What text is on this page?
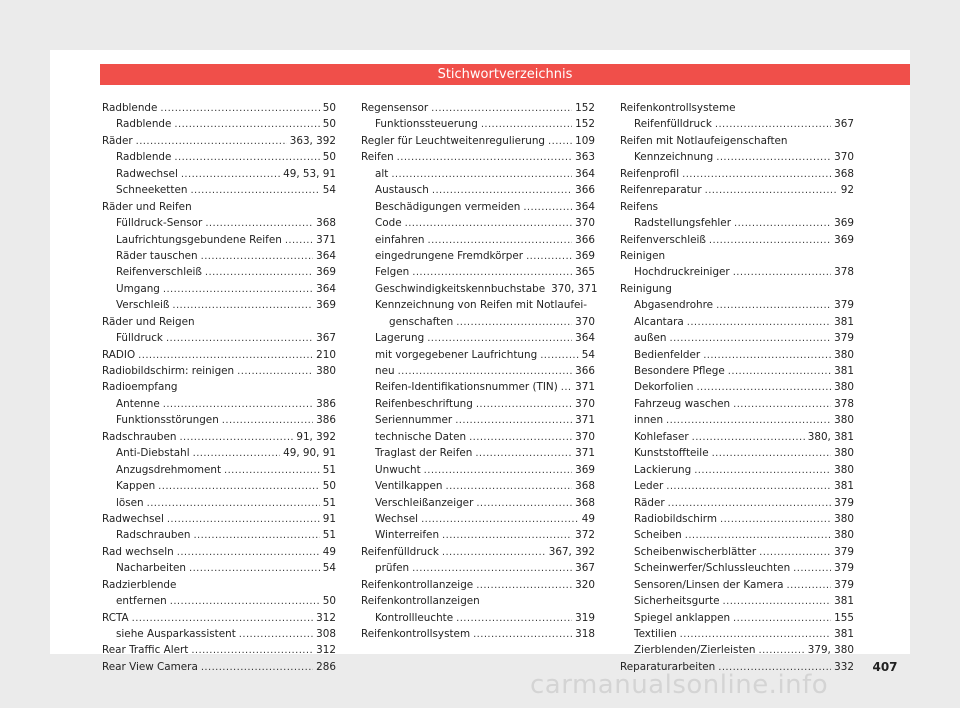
Stichwortverzeichnis
Radblende .....	50
Radblende .....	50
Räder .....	363, 392
Radblende .....	50
Radwechsel .....	49, 53, 91
Schneeketten .....	54
Räder und Reifen
Fülldruck-Sensor .....	368
Laufrichtungsgebundene Reifen .....	371
Räder tauschen .....	364
Reifenverschleiß .....	369
Umgang .....	364
Verschleiß .....	369
Räder und Reigen
Fülldruck .....	367
RADIO .....	210
Radiobildschirm: reinigen .....	380
Radioempfang
Antenne .....	386
Funktionsstörungen .....	386
Radschrauben .....	91, 392
Anti-Diebstahl .....	49, 90, 91
Anzugsdrehmoment .....	51
Kappen .....	50
lösen .....	51
Radwechsel .....	91
Radschrauben .....	51
Rad wechseln .....	49
Nacharbeiten .....	54
Radzierblende
entfernen .....	50
RCTA .....	312
siehe Ausparkassistent .....	308
Rear Traffic Alert .....	312
Rear View Camera .....	286
Regensensor .....	152
Funktionssteuerung .....	152
Regler für Leuchtweitenregulierung .....	109
Reifen .....	363
alt .....	364
Austausch .....	366
Beschädigungen vermeiden .....	364
Code .....	370
einfahren .....	366
eingedrungene Fremdkörper .....	369
Felgen .....	365
Geschwindigkeitskennbuchstabe 370, 371
Kennzeichnung von Reifen mit Notlaufei-
genschaften .....	370
Lagerung .....	364
mit vorgegebener Laufrichtung .....	54
neu .....	366
Reifen-Identifikationsnummer (TIN) ..... 371
Reifenbeschriftung .....	370
Seriennummer .....	371
technische Daten .....	370
Traglast der Reifen .....	371
Unwucht .....	369
Ventilkappen .....	368
Verschleißanzeiger .....	368
Wechsel .....	49
Winterreifen .....	372
Reifenfülldruck .....	367, 392
prüfen .....	367
Reifenkontrollanzeige .....	320
Reifenkontrollanzeigen
Kontrollleuchte .....	319
Reifenkontrollsystem .....	318
Reifenkontrollsysteme
Reifenfülldruck .....	367
Reifen mit Notlaufeigenschaften
Kennzeichnung .....	370
Reifenprofil .....	368
Reifenreparatur .....	92
Reifens
Radstellungsfehler .....	369
Reifenverschleiß .....	369
Reinigen
Hochdruckreiniger .....	378
Reinigung
Abgasendrohre .....	379
Alcantara .....	381
außen .....	379
Bedienfelder .....	380
Besondere Pflege .....	381
Dekorfolien .....	380
Fahrzeug waschen .....	378
innen .....	380
Kohlefaser .....	380, 381
Kunststoffteile .....	380
Lackierung .....	380
Leder .....	381
Räder .....	379
Radiobildschirm .....	380
Scheiben .....	380
Scheibenwischerblätter .....	379
Scheinwerfer/Schlussleuchten .....	379
Sensoren/Linsen der Kamera .....	379
Sicherheitsgurte .....	381
Spiegel anklappen .....	155
Textilien .....	381
Zierblenden/Zierleisten .....	379, 380
Reparaturarbeiten .....	332	407
carmanualsonline.info
